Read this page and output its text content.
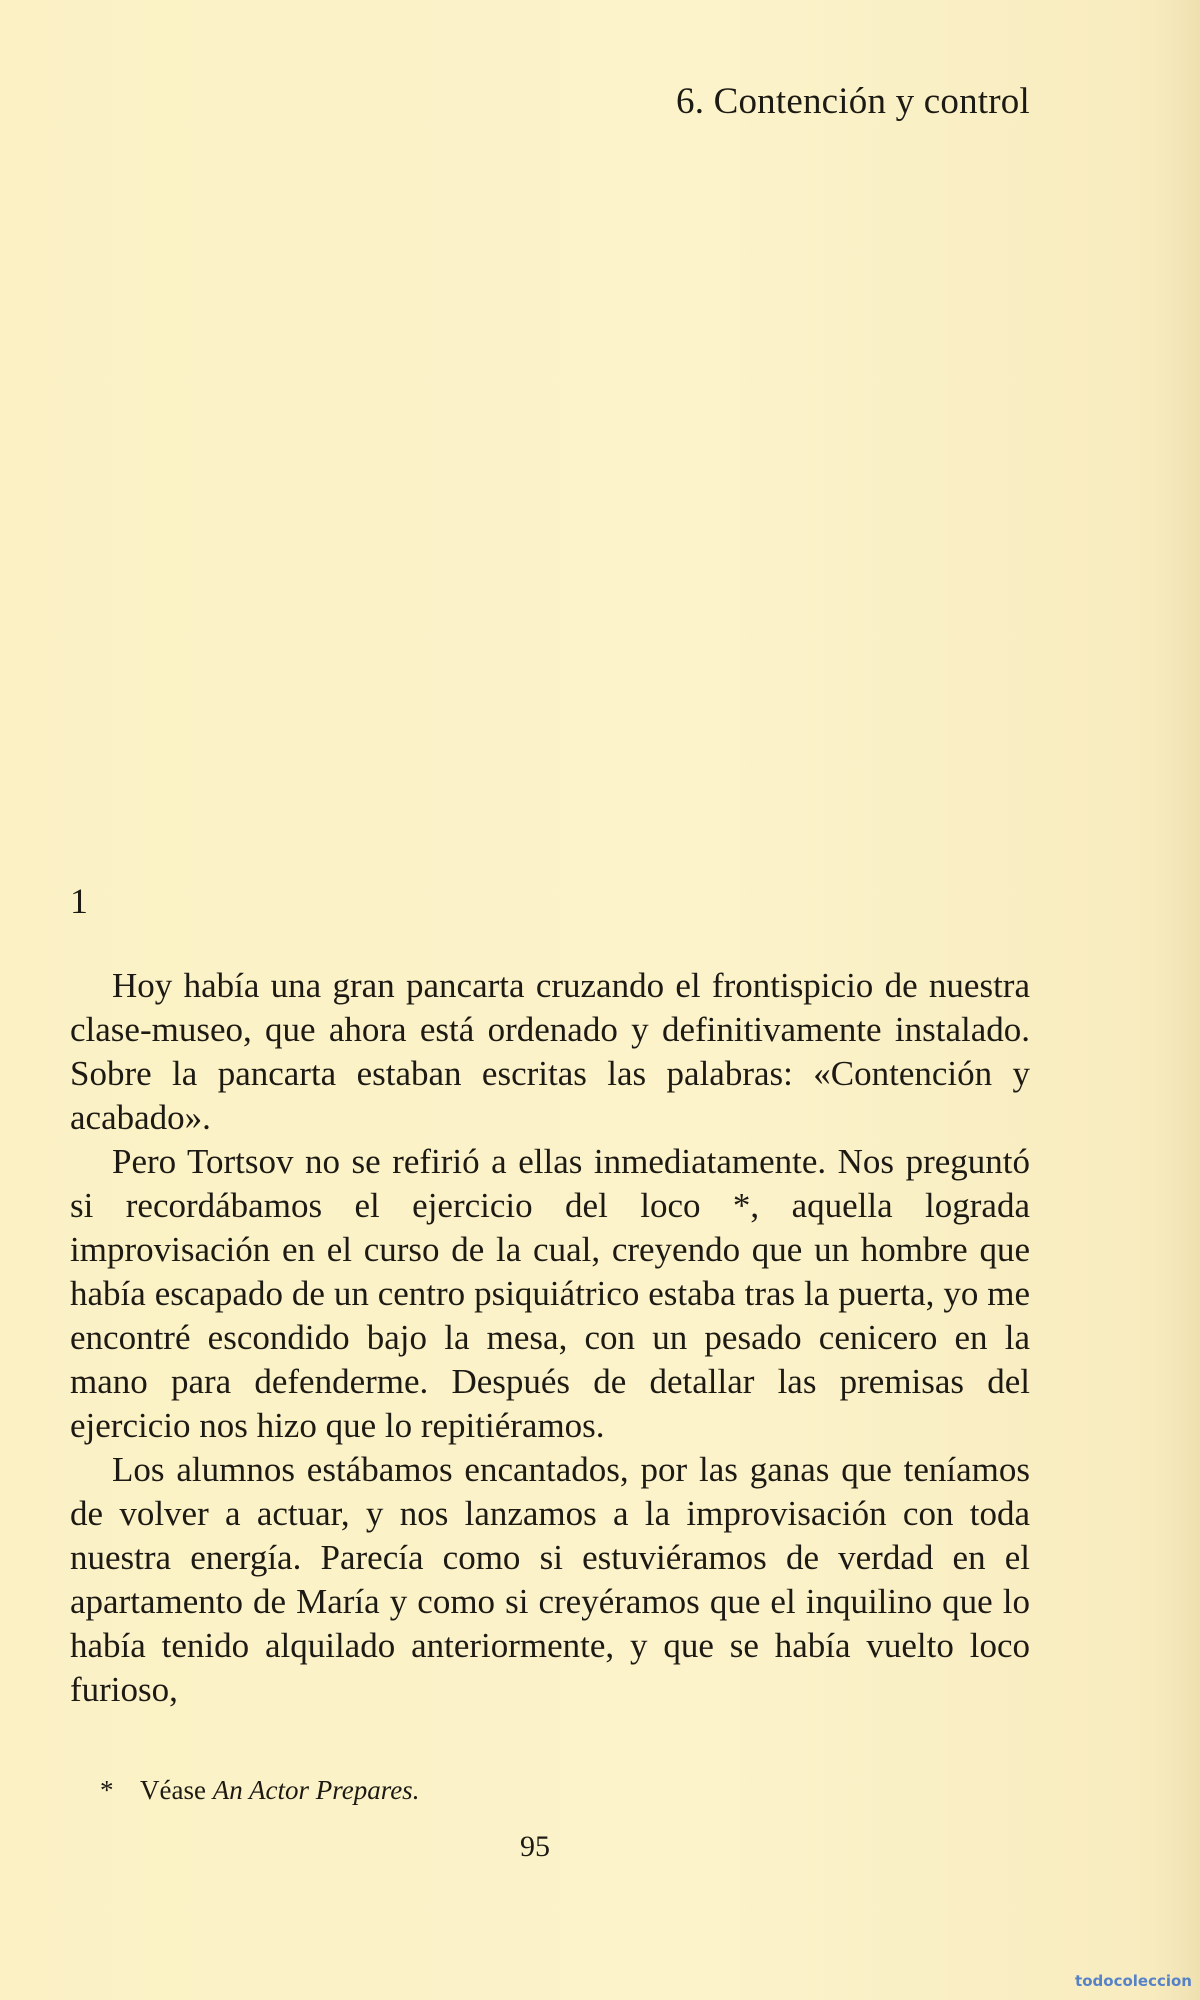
6. Contención y control
1

Hoy había una gran pancarta cruzando el frontispicio de nuestra clase-museo, que ahora está ordenado y definitivamente instalado. Sobre la pancarta estaban escritas las palabras: «Contención y acabado».

Pero Tortsov no se refirió a ellas inmediatamente. Nos preguntó si recordábamos el ejercicio del loco *, aquella lograda improvisación en el curso de la cual, creyendo que un hombre que había escapado de un centro psiquiátrico estaba tras la puerta, yo me encontré escondido bajo la mesa, con un pesado cenicero en la mano para defenderme. Después de detallar las premisas del ejercicio nos hizo que lo repitiéramos.

Los alumnos estábamos encantados, por las ganas que teníamos de volver a actuar, y nos lanzamos a la improvisación con toda nuestra energía. Parecía como si estuviéramos de verdad en el apartamento de María y como si creyéramos que el inquilino que lo había tenido alquilado anteriormente, y que se había vuelto loco furioso,

* Véase An Actor Prepares.
95
todocoleccion
